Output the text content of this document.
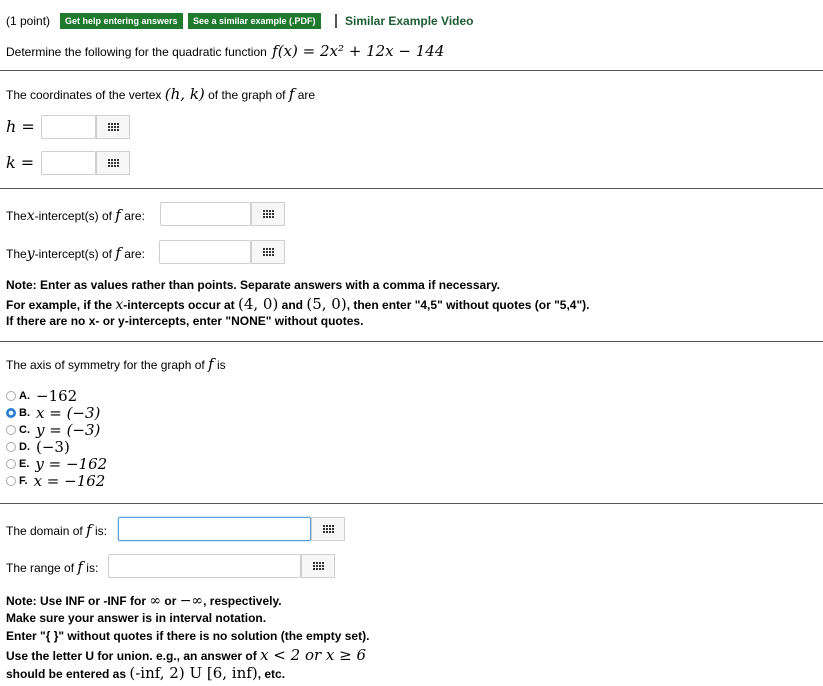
(1 point)	Get help entering answers	See a similar example (.PDF)	Similar Example Video
Determine the following for the quadratic function f(x) = 2x² + 12x − 144
The coordinates of the vertex (h, k) of the graph of f are
h =
k =
Thex-intercept(s) of f are:
They-intercept(s) of f are:
Note: Enter as values rather than points. Separate answers with a comma if necessary.
For example, if the x-intercepts occur at (4, 0) and (5, 0), then enter "4,5" without quotes (or "5,4").
If there are no x- or y-intercepts, enter "NONE" without quotes.
The axis of symmetry for the graph of f is
A. −162
B. x = (−3)
C. y = (−3)
D. (−3)
E. y = −162
F. x = −162
The domain of f is:
The range of f is:
Note: Use INF or -INF for ∞ or −∞, respectively.
Make sure your answer is in interval notation.
Enter "{ }" without quotes if there is no solution (the empty set).
Use the letter U for union. e.g., an answer of x < 2 or x ≥ 6
should be entered as (-inf, 2) U [6, inf), etc.
